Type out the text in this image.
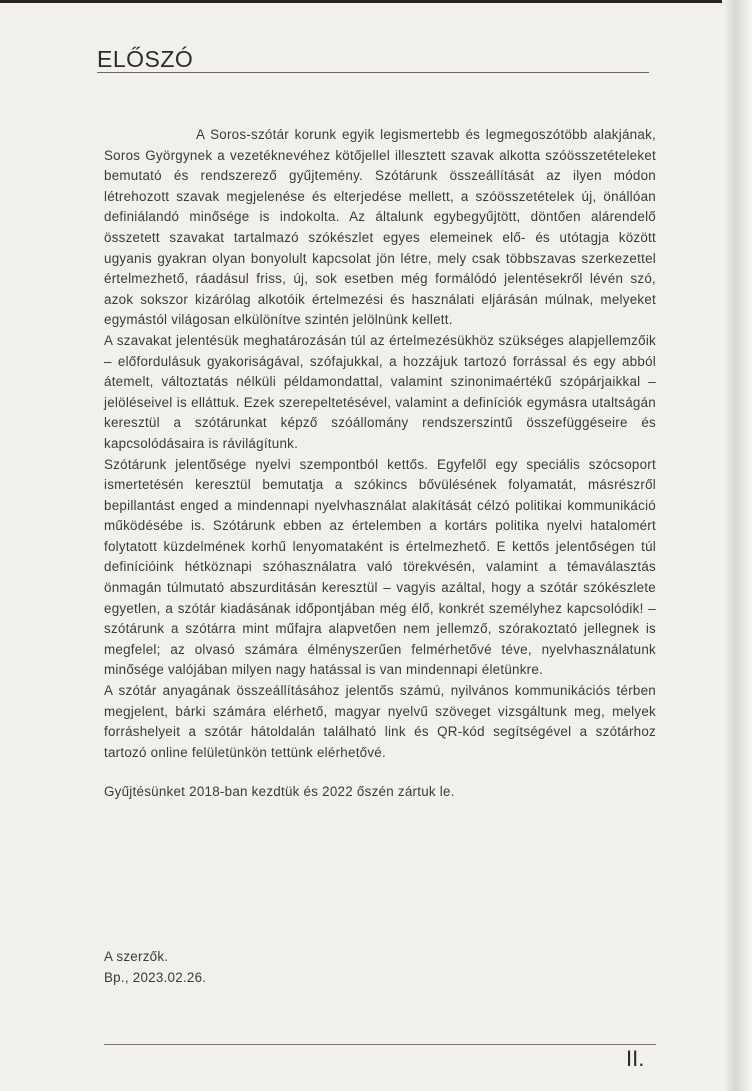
ELŐSZÓ

A Soros-szótár korunk egyik legismertebb és legmegoszótöbb alakjának, Soros Györgynek a vezetéknevéhez kötőjellel illesztett szavak alkotta szóösszetételeket bemutató és rendszerező gyűjtemény. Szótárunk összeállítását az ilyen módon létrehozott szavak megjelenése és elterjedése mellett, a szóösszetételek új, önállóan definiálandó minősége is indokolta. Az általunk egybegyűjtött, döntően alárendelő összetett szavakat tartalmazó szókészlet egyes elemeinek elő- és utótagja között ugyanis gyakran olyan bonyolult kapcsolat jön létre, mely csak többszavas szerkezettel értelmezhető, ráadásul friss, új, sok esetben még formálódó jelentésekről lévén szó, azok sokszor kizárólag alkotóik értelmezési és használati eljárásán múlnak, melyeket egymástól világosan elkülönítve szintén jelölnünk kellett.

A szavakat jelentésük meghatározásán túl az értelmezésükhöz szükséges alapjellemzőik – előfordulásuk gyakoriságával, szófajukkal, a hozzájuk tartozó forrással és egy abból átemelt, változtatás nélküli példamondattal, valamint szinonimaértékű szópárjaikkal – jelöléseivel is elláttuk. Ezek szerepeltetésével, valamint a definíciók egymásra utaltságán keresztül a szótárunkat képző szóállomány rendszerszintű összefüggéseire és kapcsolódásaira is rávilágítunk.

Szótárunk jelentősége nyelvi szempontból kettős. Egyfelől egy speciális szócsoport ismertetésén keresztül bemutatja a szókincs bővülésének folyamatát, másrészről bepillantást enged a mindennapi nyelvhasználat alakítását célzó politikai kommunikáció működésébe is. Szótárunk ebben az értelemben a kortárs politika nyelvi hatalomért folytatott küzdelmének korhű lenyomataként is értelmezhető. E kettős jelentőségen túl definícióink hétköznapi szóhasználatra való törekvésén, valamint a témaválasztás önmagán túlmutató abszurditásán keresztül – vagyis azáltal, hogy a szótár szókészlete egyetlen, a szótár kiadásának időpontjában még élő, konkrét személyhez kapcsolódik! – szótárunk a szótárra mint műfajra alapvetően nem jellemző, szórakoztató jellegnek is megfelel; az olvasó számára élményszerűen felmérhetővé téve, nyelvhasználatunk minősége valójában milyen nagy hatással is van mindennapi életünkre.

A szótár anyagának összeállításához jelentős számú, nyilvános kommunikációs térben megjelent, bárki számára elérhető, magyar nyelvű szöveget vizsgáltunk meg, melyek forráshelyeit a szótár hátoldalán található link és QR-kód segítségével a szótárhoz tartozó online felületünkön tettünk elérhetővé.

Gyűjtésünket 2018-ban kezdtük és 2022 őszén zártuk le.

A szerzők.
Bp., 2023.02.26.
II.
